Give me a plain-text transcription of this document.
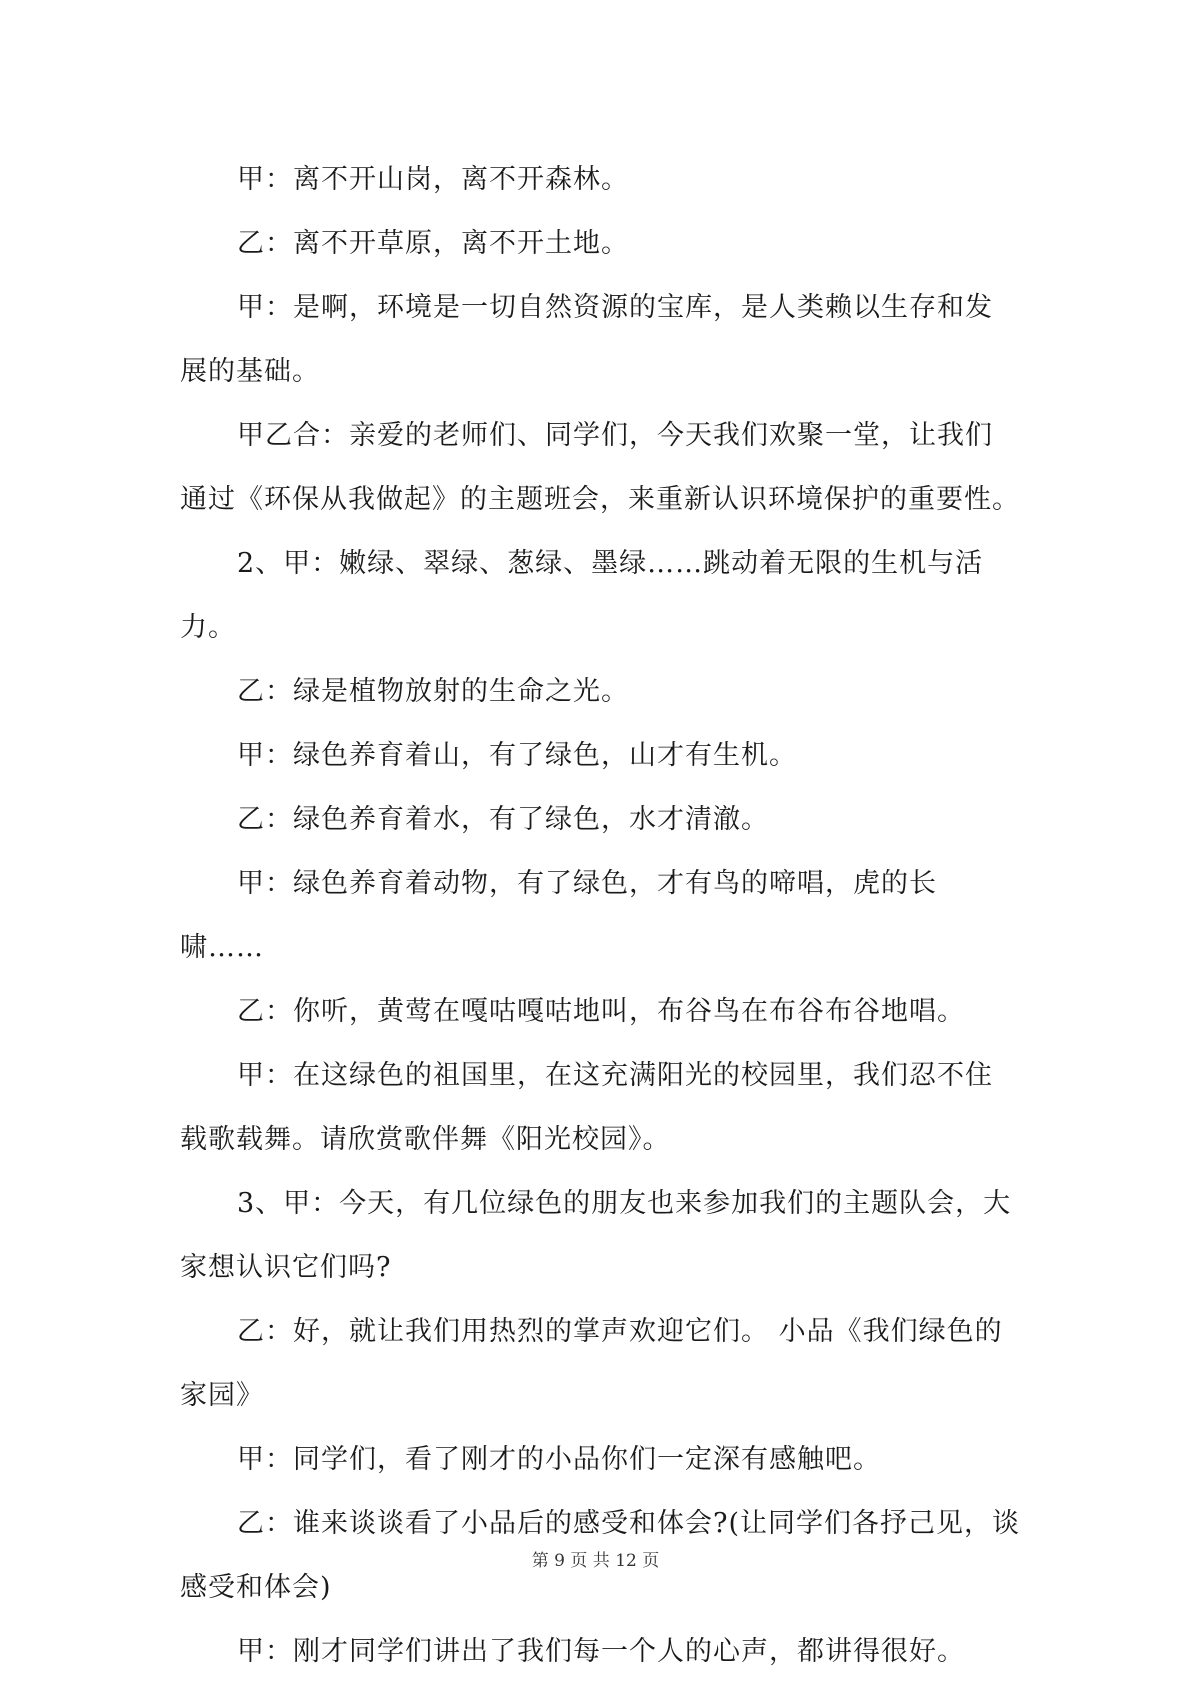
甲：离不开山岗，离不开森林。

乙：离不开草原，离不开土地。

甲：是啊，环境是一切自然资源的宝库，是人类赖以生存和发展的基础。

甲乙合：亲爱的老师们、同学们，今天我们欢聚一堂，让我们通过《环保从我做起》的主题班会，来重新认识环境保护的重要性。

2、甲：嫩绿、翠绿、葱绿、墨绿……跳动着无限的生机与活力。

乙：绿是植物放射的生命之光。

甲：绿色养育着山，有了绿色，山才有生机。

乙：绿色养育着水，有了绿色，水才清澈。

甲：绿色养育着动物，有了绿色，才有鸟的啼唱，虎的长啸……

乙：你听，黄莺在嘎咕嘎咕地叫，布谷鸟在布谷布谷地唱。

甲：在这绿色的祖国里，在这充满阳光的校园里，我们忍不住载歌载舞。请欣赏歌伴舞《阳光校园》。

3、甲：今天，有几位绿色的朋友也来参加我们的主题队会，大家想认识它们吗?

乙：好，就让我们用热烈的掌声欢迎它们。 小品《我们绿色的家园》

甲：同学们，看了刚才的小品你们一定深有感触吧。

乙：谁来谈谈看了小品后的感受和体会?(让同学们各抒己见，谈感受和体会)

甲：刚才同学们讲出了我们每一个人的心声，都讲得很好。

第 9 页 共 12 页
